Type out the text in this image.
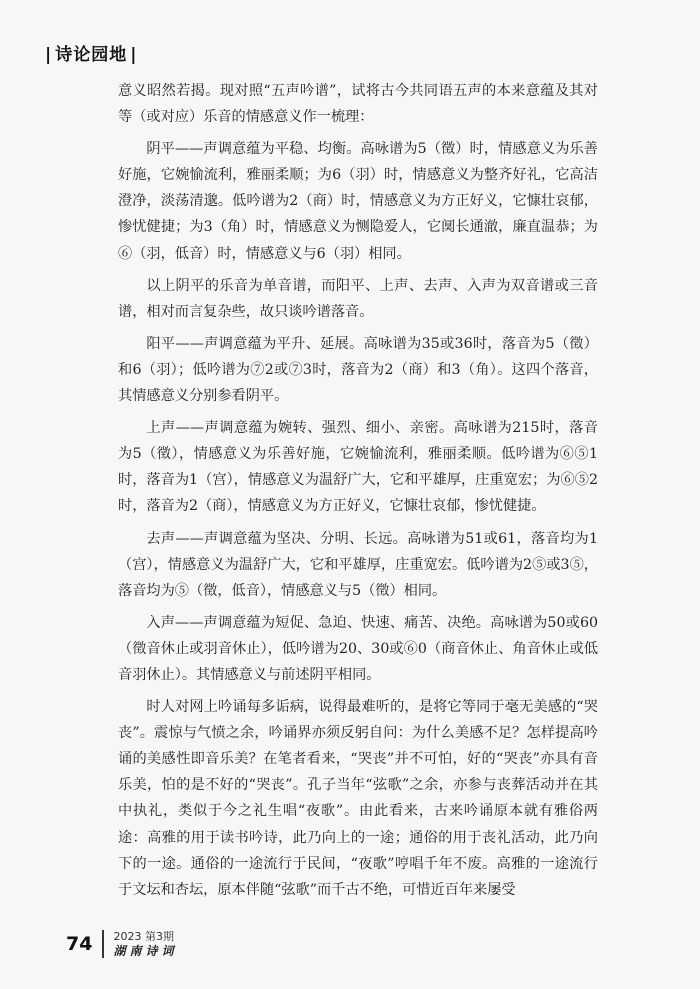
| 诗论园地 |

意义昭然若揭。现对照“五声吟谱”，试将古今共同语五声的本来意蕴及其对等（或对应）乐音的情感意义作一梳理：

阴平——声调意蕴为平稳、均衡。高咏谱为5（徵）时，情感意义为乐善好施，它婉愉流利，雅丽柔顺；为6（羽）时，情感意义为整齐好礼，它高洁澄净，淡荡清邈。低吟谱为2（商）时，情感意义为方正好义，它慷壮哀郁，惨忧健捷；为3（角）时，情感意义为恻隐爱人，它阒长通澈，廉直温恭；为⑥（羽，低音）时，情感意义与6（羽）相同。

以上阴平的乐音为单音谱，而阳平、上声、去声、入声为双音谱或三音谱，相对而言复杂些，故只谈吟谱落音。

阳平——声调意蕴为平升、延展。高咏谱为35或36时，落音为5（徵）和6（羽）；低吟谱为⑦2或⑦3时，落音为2（商）和3（角）。这四个落音，其情感意义分别参看阴平。

上声——声调意蕴为婉转、强烈、细小、亲密。高咏谱为215时，落音为5（徵），情感意义为乐善好施，它婉愉流利，雅丽柔顺。低吟谱为⑥⑤1时，落音为1（宫），情感意义为温舒广大，它和平雄厚，庄重宽宏；为⑥⑤2时，落音为2（商），情感意义为方正好义，它慷壮哀郁，惨忧健捷。

去声——声调意蕴为坚决、分明、长远。高咏谱为51或61，落音均为1（宫），情感意义为温舒广大，它和平雄厚，庄重宽宏。低吟谱为2⑤或3⑤，落音均为⑤（徵，低音），情感意义与5（徵）相同。

入声——声调意蕴为短促、急迫、快速、痛苦、决绝。高咏谱为50或60（徵音休止或羽音休止），低吟谱为20、30或⑥0（商音休止、角音休止或低音羽休止）。其情感意义与前述阴平相同。

时人对网上吟诵每多诟病，说得最难听的，是将它等同于毫无美感的“哭丧”。震惊与气愤之余，吟诵界亦须反躬自问：为什么美感不足？怎样提高吟诵的美感性即音乐美？在笔者看来，“哭丧”并不可怕，好的“哭丧”亦具有音乐美，怕的是不好的“哭丧”。孔子当年“弦歌”之余，亦参与丧葬活动并在其中执礼，类似于今之礼生唱“夜歌”。由此看来，古来吟诵原本就有雅俗两途：高雅的用于读书吟诗，此乃向上的一途；通俗的用于丧礼活动，此乃向下的一途。通俗的一途流行于民间，“夜歌”哼唱千年不废。高雅的一途流行于文坛和杏坛，原本伴随“弦歌”而千古不绝，可惜近百年来屡受

74 2023 第3期
湖南诗词
